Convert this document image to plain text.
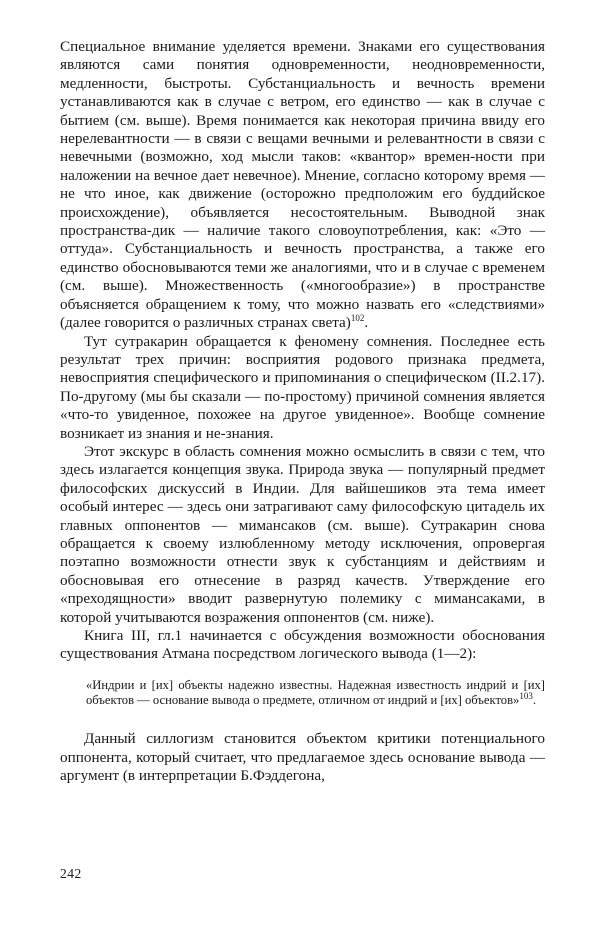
Специальное внимание уделяется времени. Знаками его существования являются сами понятия одновременности, неодновременности, медленности, быстроты. Субстанциальность и вечность времени устанавливаются как в случае с ветром, его единство — как в случае с бытием (см. выше). Время понимается как некоторая причина ввиду его нерелевантности — в связи с вещами вечными и релевантности в связи с невечными (возможно, ход мысли таков: «квантор» времен-ности при наложении на вечное дает невечное). Мнение, согласно которому время — не что иное, как движение (осторожно предположим его буддийское происхождение), объявляется несостоятельным. Выводной знак пространства-дик — наличие такого словоупотребления, как: «Это — оттуда». Субстанциальность и вечность пространства, а также его единство обосновываются теми же аналогиями, что и в случае с временем (см. выше). Множественность («многообразие») в пространстве объясняется обращением к тому, что можно назвать его «следствиями» (далее говорится о различных странах света)$^{102}$.

Тут сутракарин обращается к феномену сомнения. Последнее есть результат трех причин: восприятия родового признака предмета, невосприятия специфического и припоминания о специфическом (II.2.17). По-другому (мы бы сказали — по-простому) причиной сомнения является «что-то увиденное, похожее на другое увиденное». Вообще сомнение возникает из знания и не-знания.

Этот экскурс в область сомнения можно осмыслить в связи с тем, что здесь излагается концепция звука. Природа звука — популярный предмет философских дискуссий в Индии. Для вайшешиков эта тема имеет особый интерес — здесь они затрагивают саму философскую цитадель их главных оппонентов — мимансаков (см. выше). Сутракарин снова обращается к своему излюбленному методу исключения, опровергая поэтапно возможности отнести звук к субстанциям и действиям и обосновывая его отнесение в разряд качеств. Утверждение его «преходящности» вводит развернутую полемику с мимансаками, в которой учитываются возражения оппонентов (см. ниже).

Книга III, гл.1 начинается с обсуждения возможности обоснования существования Атмана посредством логического вывода (1—2):

«Индрии и [их] объекты надежно известны. Надежная известность индрий и [их] объектов — основание вывода о предмете, отличном от индрий и [их] объектов»$^{103}$.

Данный силлогизм становится объектом критики потенциального оппонента, который считает, что предлагаемое здесь основание вывода — аргумент (в интерпретации Б.Фэддегона,

242
